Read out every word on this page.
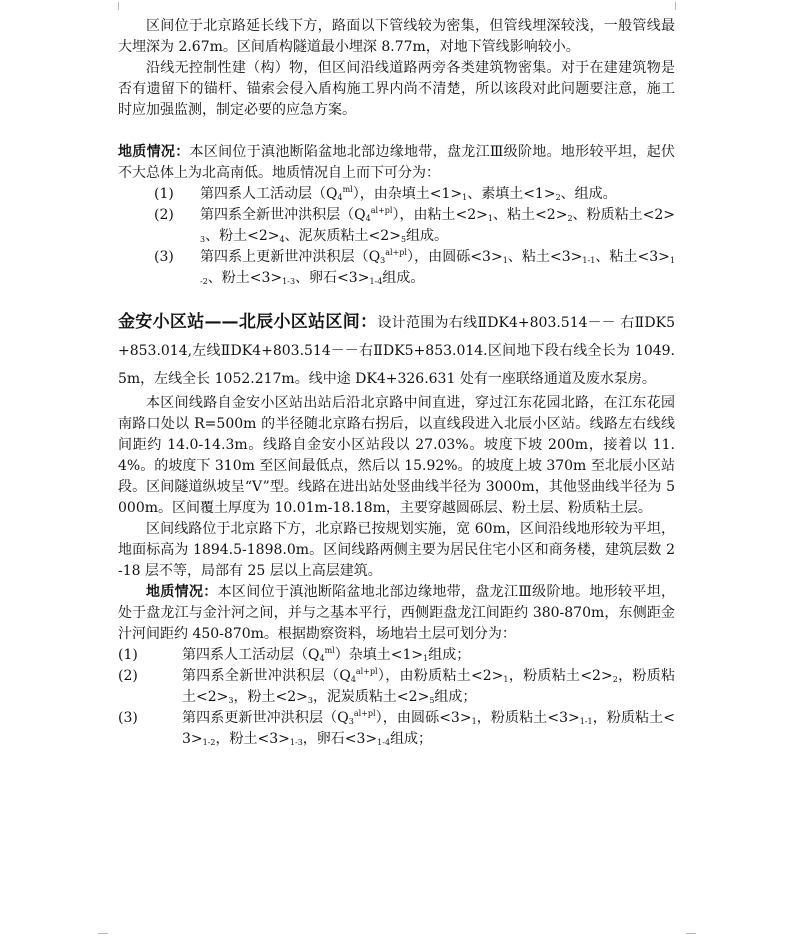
区间位于北京路延长线下方，路面以下管线较为密集，但管线埋深较浅，一般管线最大埋深为 2.67m。区间盾构隧道最小埋深 8.77m，对地下管线影响较小。

沿线无控制性建（构）物，但区间沿线道路两旁各类建筑物密集。对于在建建筑物是否有遗留下的锚杆、锚索会侵入盾构施工界内尚不清楚，所以该段对此问题要注意，施工时应加强监测，制定必要的应急方案。

地质情况：本区间位于滇池断陷盆地北部边缘地带，盘龙江Ⅲ级阶地。地形较平坦，起伏不大总体上为北高南低。地质情况自上而下可分为：

(1)	第四系人工活动层$(Q_4^{ml})$，由杂填土$<1>_1$、素填土$<1>_2$、组成。
(2)	第四系全新世冲洪积层$(Q_4^{al+pl})$，由粘土$<2>_1$、粘土$<2>_2$、粉质粘土$<2>_3$、粉土$<2>_4$、泥灰质粘土$<2>_5$组成。
(3)	第四系上更新世冲洪积层$(Q_3^{al+pl})$，由圆砾$<3>_1$、粘土$<3>_{1-1}$、粘土$<3>_{1-2}$、粉土$<3>_{1-3}$、卵石$<3>_{1-4}$组成。

金安小区站——北辰小区站区间：设计范围为右线ⅡDK4+803.514－－ 右ⅡDK5+853.014,左线ⅡDK4+803.514－－右ⅡDK5+853.014.区间地下段右线全长为 1049.5m，左线全长 1052.217m。线中途 DK4+326.631 处有一座联络通道及废水泵房。

本区间线路自金安小区站出站后沿北京路中间直进，穿过江东花园北路，在江东花园南路口处以 R=500m 的半径随北京路右拐后，以直线段进入北辰小区站。线路左右线线间距约 14.0-14.3m。线路自金安小区站段以 27.03%。坡度下坡 200m，接着以 11.4%。的坡度下 310m 至区间最低点，然后以 15.92%。的坡度上坡 370m 至北辰小区站段。区间隧道纵坡呈“V”型。线路在进出站处竖曲线半径为 3000m，其他竖曲线半径为 5000m。区间覆土厚度为 10.01m-18.18m，主要穿越圆砾层、粉土层、粉质粘土层。

区间线路位于北京路下方，北京路已按规划实施，宽 60m，区间沿线地形较为平坦，地面标高为 1894.5-1898.0m。区间线路两侧主要为居民住宅小区和商务楼，建筑层数 2-18 层不等，局部有 25 层以上高层建筑。

地质情况：本区间位于滇池断陷盆地北部边缘地带，盘龙江Ⅲ级阶地。地形较平坦，处于盘龙江与金汁河之间，并与之基本平行，西侧距盘龙江间距约 380-870m，东侧距金汁河间距约 450-870m。根据勘察资料，场地岩土层可划分为：

(1)	第四系人工活动层$(Q_4^{ml})$杂填土$<1>_1$组成；
(2)	第四系全新世冲洪积层$(Q_4^{al+pl})$，由粉质粘土$<2>_1$，粉质粘土$<2>_2$，粉质粘土$<2>_3$，粉土$<2>_3$，泥炭质粘土$<2>_5$组成；
(3)	第四系更新世冲洪积层$(Q_3^{al+pl})$，由圆砾$<3>_1$，粉质粘土$<3>_{1-1}$，粉质粘土$<3>_{1-2}$，粉土$<3>_{1-3}$，卵石$<3>_{1-4}$组成；
